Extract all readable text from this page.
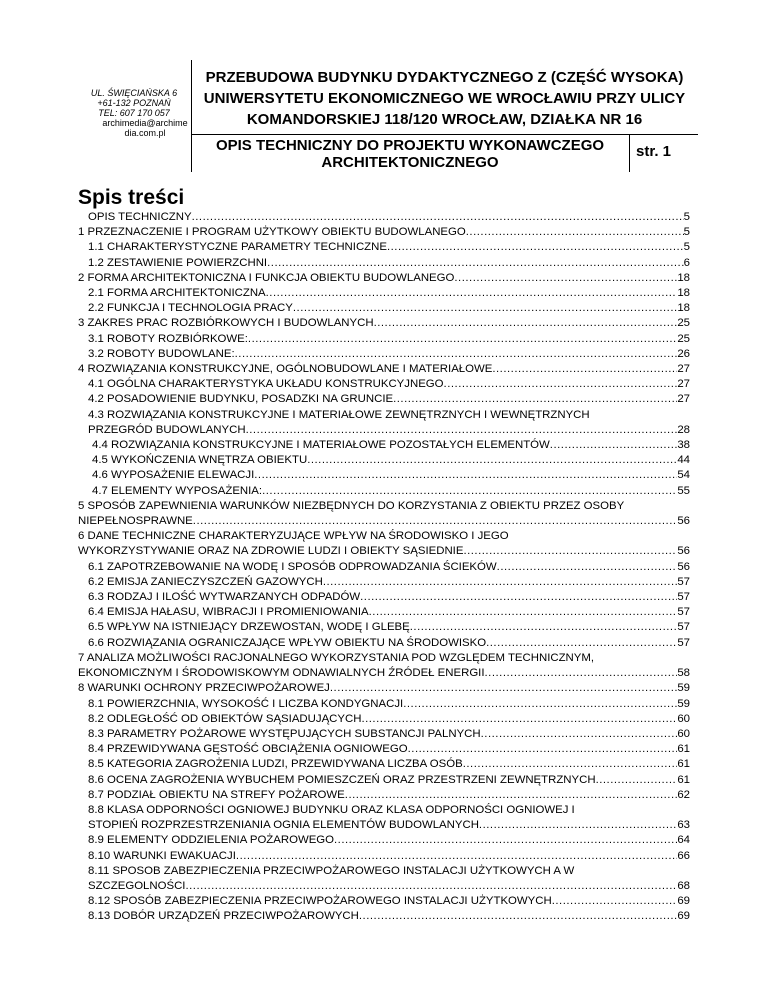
UL. ŚWIĘCIAŃSKA 6
+61-132 POZNAŃ
TEL: 607 170 057
archimedia@archime
dia.com.pl
PRZEBUDOWA BUDYNKU DYDAKTYCZNEGO Z (CZĘŚĆ WYSOKA)
UNIWERSYTETU EKONOMICZNEGO WE WROCŁAWIU PRZY ULICY
KOMANDORSKIEJ 118/120 WROCŁAW, DZIAŁKA NR 16
OPIS TECHNICZNY DO PROJEKTU WYKONAWCZEGO
ARCHITEKTONICZNEGO
str. 1
Spis treści
OPIS TECHNICZNY .....	5
1 PRZEZNACZENIE I PROGRAM UŻYTKOWY OBIEKTU BUDOWLANEGO .....	5
1.1 CHARAKTERYSTYCZNE PARAMETRY TECHNICZNE .....	5
1.2 ZESTAWIENIE POWIERZCHNI .....	6
2 FORMA ARCHITEKTONICZNA I FUNKCJA OBIEKTU BUDOWLANEGO .....	18
2.1 FORMA ARCHITEKTONICZNA .....	18
2.2 FUNKCJA I TECHNOLOGIA PRACY .....	18
3 ZAKRES PRAC ROZBIÓRKOWYCH I BUDOWLANYCH .....	25
3.1 ROBOTY ROZBIÓRKOWE: .....	25
3.2 ROBOTY BUDOWLANE: .....	26
4 ROZWIĄZANIA KONSTRUKCYJNE, OGÓLNOBUDOWLANE I MATERIAŁOWE .....	27
4.1 OGÓLNA CHARAKTERYSTYKA UKŁADU KONSTRUKCYJNEGO .....	27
4.2 POSADOWIENIE BUDYNKU, POSADZKI NA GRUNCIE .....	27
4.3 ROZWIĄZANIA KONSTRUKCYJNE I MATERIAŁOWE ZEWNĘTRZNYCH I WEWNĘTRZNYCH
PRZEGRÓD BUDOWLANYCH .....	28
4.4 ROZWIĄZANIA KONSTRUKCYJNE I MATERIAŁOWE POZOSTAŁYCH ELEMENTÓW .....	38
4.5 WYKOŃCZENIA WNĘTRZA OBIEKTU .....	44
4.6 WYPOSAŻENIE ELEWACJI .....	54
4.7 ELEMENTY WYPOSAŻENIA: .....	55
5 SPOSÓB ZAPEWNIENIA WARUNKÓW NIEZBĘDNYCH DO KORZYSTANIA Z OBIEKTU PRZEZ OSOBY
NIEPEŁNOSPRAWNE .....	56
6 DANE TECHNICZNE CHARAKTERYZUJĄCE WPŁYW NA ŚRODOWISKO I JEGO
WYKORZYSTYWANIE ORAZ NA ZDROWIE LUDZI I OBIEKTY SĄSIEDNIE .....	56
6.1 ZAPOTRZEBOWANIE NA WODĘ I SPOSÓB ODPROWADZANIA ŚCIEKÓW .....	56
6.2 EMISJA ZANIECZYSZCZEŃ GAZOWYCH .....	57
6.3 RODZAJ I ILOŚĆ WYTWARZANYCH ODPADÓW .....	57
6.4 EMISJA HAŁASU, WIBRACJI I PROMIENIOWANIA .....	57
6.5 WPŁYW NA ISTNIEJĄCY DRZEWOSTAN, WODĘ I GLEBĘ .....	57
6.6 ROZWIĄZANIA OGRANICZAJĄCE WPŁYW OBIEKTU NA ŚRODOWISKO .....	57
7 ANALIZA MOŻLIWOŚCI RACJONALNEGO WYKORZYSTANIA POD WZGLĘDEM TECHNICZNYM,
EKONOMICZNYM I ŚRODOWISKOWYM ODNAWIALNYCH ŹRÓDEŁ ENERGII .....	58
8 WARUNKI OCHRONY PRZECIWPOŻAROWEJ .....	59
8.1 POWIERZCHNIA, WYSOKOŚĆ I LICZBA KONDYGNACJI .....	59
8.2 ODLEGŁOŚĆ OD OBIEKTÓW SĄSIADUJĄCYCH .....	60
8.3 PARAMETRY POŻAROWE WYSTĘPUJĄCYCH SUBSTANCJI PALNYCH .....	60
8.4 PRZEWIDYWANA GĘSTOŚĆ OBCIĄŻENIA OGNIOWEGO .....	61
8.5 KATEGORIA ZAGROŻENIA LUDZI, PRZEWIDYWANA LICZBA OSÓB .....	61
8.6 OCENA ZAGROŻENIA WYBUCHEM POMIESZCZEŃ ORAZ PRZESTRZENI ZEWNĘTRZNYCH .....	61
8.7 PODZIAŁ OBIEKTU NA STREFY POŻAROWE .....	62
8.8 KLASA ODPORNOŚCI OGNIOWEJ BUDYNKU ORAZ KLASA ODPORNOŚCI OGNIOWEJ I
STOPIEŃ ROZPRZESTRZENIANIA OGNIA ELEMENTÓW BUDOWLANYCH .....	63
8.9 ELEMENTY ODDZIELENIA POŻAROWEGO .....	64
8.10 WARUNKI EWAKUACJI .....	66
8.11 SPOSOB ZABEZPIECZENIA PRZECIWPOŻAROWEGO INSTALACJI UŻYTKOWYCH A W
SZCZEGOLNOŚCI .....	68
8.12 SPOSÓB ZABEZPIECZENIA PRZECIWPOŻAROWEGO INSTALACJI UŻYTKOWYCH .....	69
8.13 DOBÓR URZĄDZEŃ PRZECIWPOŻAROWYCH .....	69
